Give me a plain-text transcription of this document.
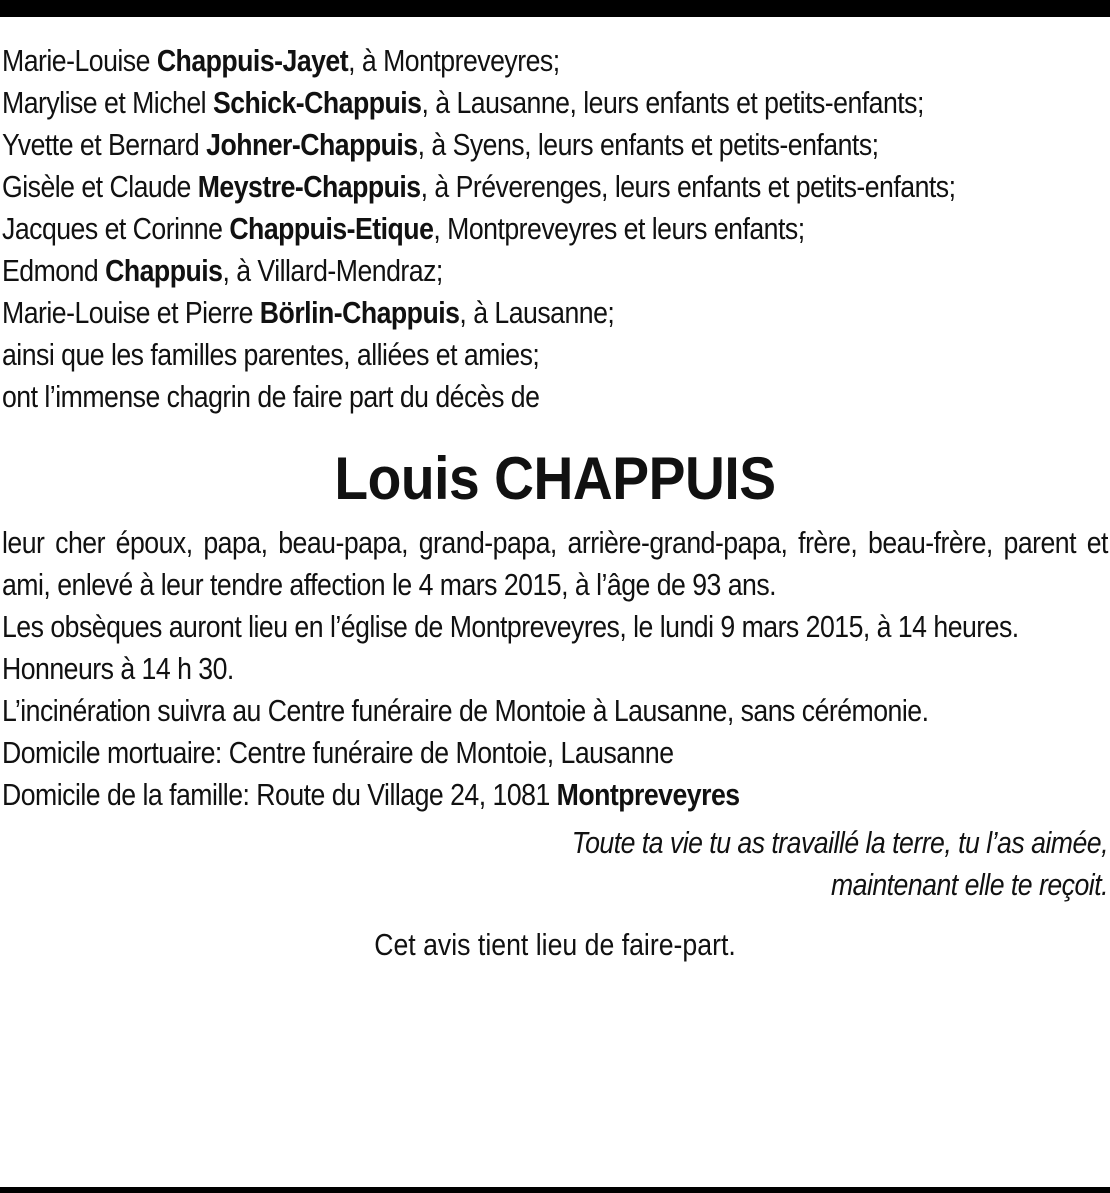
Marie-Louise Chappuis-Jayet, à Montpreveyres;
Marylise et Michel Schick-Chappuis, à Lausanne, leurs enfants et petits-enfants;
Yvette et Bernard Johner-Chappuis, à Syens, leurs enfants et petits-enfants;
Gisèle et Claude Meystre-Chappuis, à Préverenges, leurs enfants et petits-enfants;
Jacques et Corinne Chappuis-Etique, Montpreveyres et leurs enfants;
Edmond Chappuis, à Villard-Mendraz;
Marie-Louise et Pierre Börlin-Chappuis, à Lausanne;
ainsi que les familles parentes, alliées et amies;
ont l’immense chagrin de faire part du décès de
Louis CHAPPUIS
leur cher époux, papa, beau-papa, grand-papa, arrière-grand-papa, frère, beau-frère, parent et ami, enlevé à leur tendre affection le 4 mars 2015, à l’âge de 93 ans.
Les obsèques auront lieu en l’église de Montpreveyres, le lundi 9 mars 2015, à 14 heures.
Honneurs à 14 h 30.
L’incinération suivra au Centre funéraire de Montoie à Lausanne, sans cérémonie.
Domicile mortuaire: Centre funéraire de Montoie, Lausanne
Domicile de la famille: Route du Village 24, 1081 Montpreveyres
Toute ta vie tu as travaillé la terre, tu l’as aimée,
maintenant elle te reçoit.
Cet avis tient lieu de faire-part.
